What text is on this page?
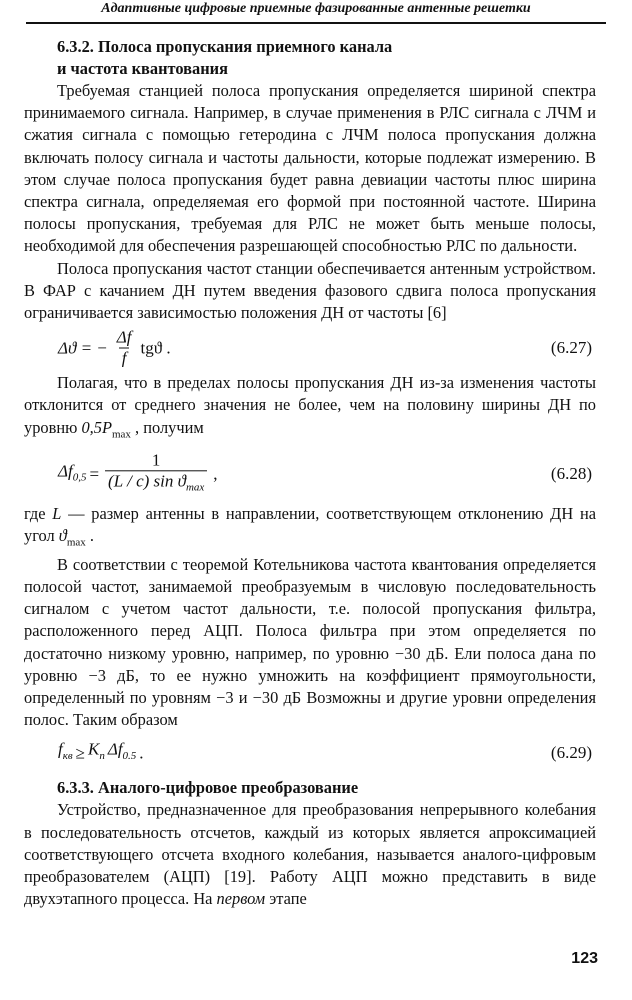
Адаптивные цифровые приемные фазированные антенные решетки
6.3.2. Полоса пропускания приемного канала
и частота квантования

Требуемая станцией полоса пропускания определяется шириной спектра принимаемого сигнала. Например, в случае применения в РЛС сигнала с ЛЧМ и сжатия сигнала с помощью гетеродина с ЛЧМ полоса пропускания должна включать полосу сигнала и частоты дальности, которые подлежат измерению. В этом случае полоса пропускания будет равна девиации частоты плюс ширина спектра сигнала, определяемая его формой при постоянной частоте. Ширина полосы пропускания, требуемая для РЛС не может быть меньше полосы, необходимой для обеспечения разрешающей способностью РЛС по дальности.

Полоса пропускания частот станции обеспечивается антенным устройством. В ФАР с качанием ДН путем введения фазового сдвига полоса пропускания ограничивается зависимостью положения ДН от частоты [6]

Δϑ = − $\frac{\Delta f}{f}$ tgϑ .	(6.27)

Полагая, что в пределах полосы пропускания ДН из-за изменения частоты отклонится от среднего значения не более, чем на половину ширины ДН по уровню $0,5P_{max}$ , получим

$\Delta f_{0,5} = \frac{1}{(L / c) \sin ϑ_{max}}$ ,	(6.28)

где L — размер антенны в направлении, соответствующем отклонению ДН на угол $ϑ_{max}$ .

В соответствии с теоремой Котельникова частота квантования определяется полосой частот, занимаемой преобразуемым в числовую последовательность сигналом с учетом частот дальности, т.е. полосой пропускания фильтра, расположенного перед АЦП. Полоса фильтра при этом определяется по достаточно низкому уровню, например, по уровню −30 дБ. Ели полоса дана по уровню −3 дБ, то ее нужно умножить на коэффициент прямоугольности, определенный по уровням −3 и −30 дБ Возможны и другие уровни определения полос. Таким образом

$f_{кв} \ge K_n$ $\Delta f_{0.5}$ .	(6.29)
6.3.3. Аналого-цифровое преобразование

Устройство, предназначенное для преобразования непрерывного колебания в последовательность отсчетов, каждый из которых является апроксимацией соответствующего отсчета входного колебания, называется аналого-цифровым преобразователем (АЦП) [19]. Работу АЦП можно представить в виде двухэтапного процесса. На первом этапе

123
